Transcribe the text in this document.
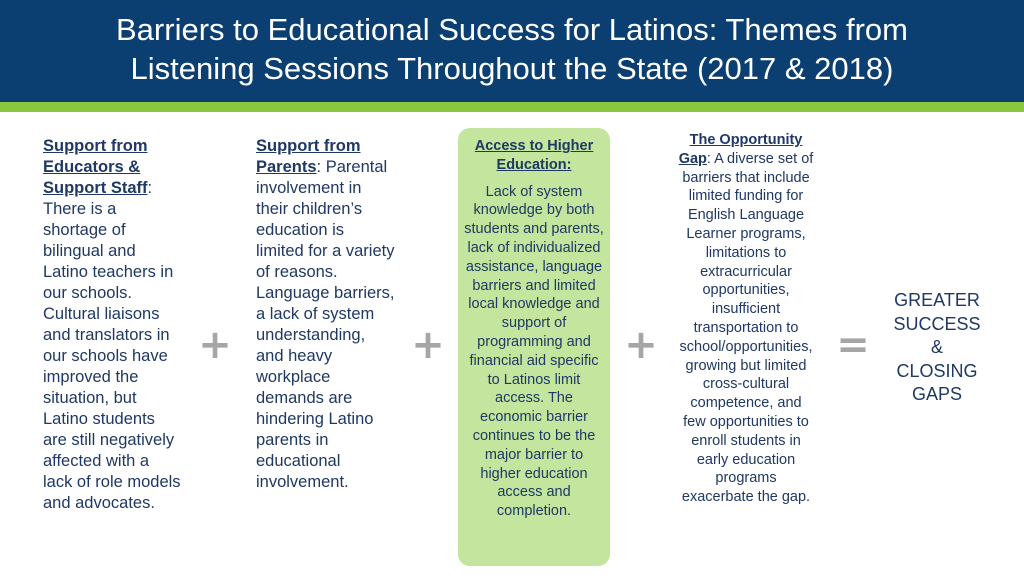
Barriers to Educational Success for Latinos: Themes from
Listening Sessions Throughout the State (2017 & 2018)
Support from Educators & Support Staff: There is a shortage of bilingual and Latino teachers in our schools. Cultural liaisons and translators in our schools have improved the situation, but Latino students are still negatively affected with a lack of role models and advocates.
+
Support from Parents: Parental involvement in their children’s education is limited for a variety of reasons. Language barriers, a lack of system understanding, and heavy workplace demands are hindering Latino parents in educational involvement.
+
Access to Higher Education:
Lack of system knowledge by both students and parents, lack of individualized assistance, language barriers and limited local knowledge and support of programming and financial aid specific to Latinos limit access. The economic barrier continues to be the major barrier to higher education access and completion.
+
The Opportunity Gap: A diverse set of barriers that include limited funding for English Language Learner programs, limitations to extracurricular opportunities, insufficient transportation to school/opportunities, growing but limited cross-cultural competence, and few opportunities to enroll students in early education programs exacerbate the gap.
=
GREATER
SUCCESS
&
CLOSING
GAPS
